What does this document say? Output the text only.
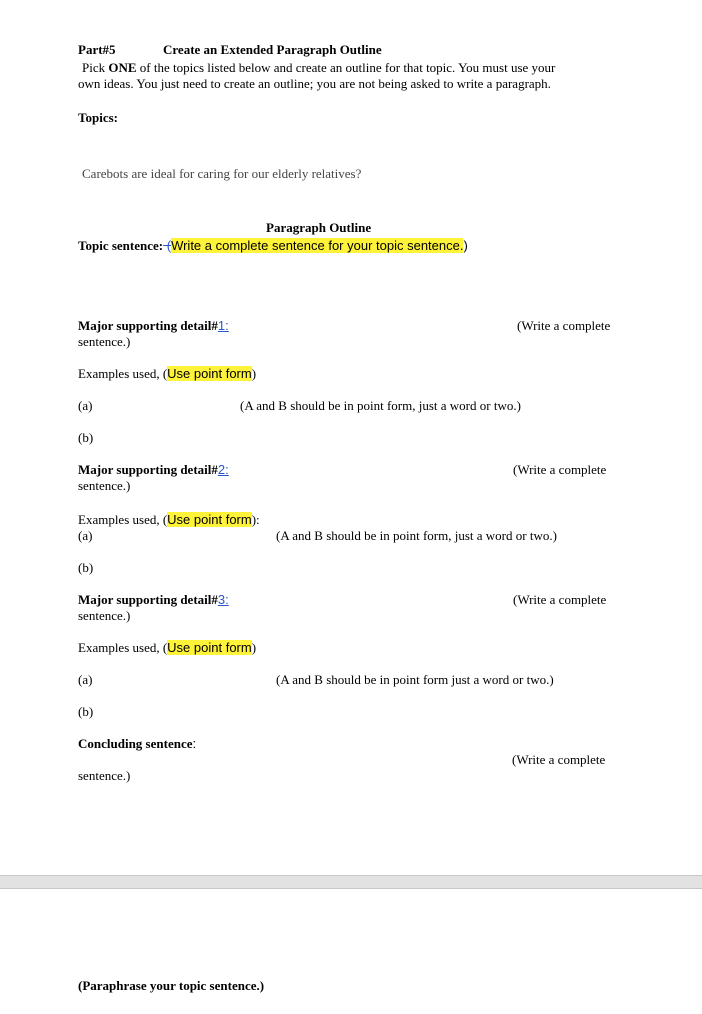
Part#5	Create an Extended Paragraph Outline
Pick ONE of the topics listed below and create an outline for that topic. You must use your
own ideas. You just need to create an outline; you are not being asked to write a paragraph.
Topics:
Carebots are ideal for caring for our elderly relatives?
Paragraph Outline
Topic sentence: (Write a complete sentence for your topic sentence.)
Major supporting detail#1:	(Write a complete
sentence.)
Examples used, (Use point form)
(a)	(A and B should be in point form, just a word or two.)
(b)
Major supporting detail#2:	(Write a complete
sentence.)
Examples used, (Use point form):
(a)	(A and B should be in point form, just a word or two.)
(b)
Major supporting detail#3:	(Write a complete
sentence.)
Examples used, (Use point form)
(a)	(A and B should be in point form just a word or two.)
(b)
Concluding sentence:
(Write a complete
sentence.)
(Paraphrase your topic sentence.)
